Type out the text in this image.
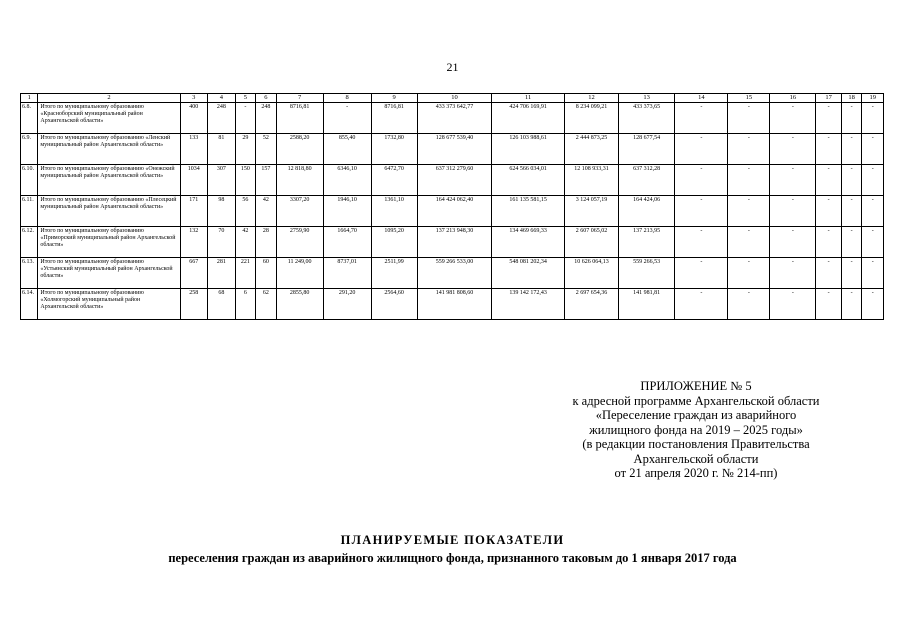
21
1	2	3	4	5	6	7	8	9	10	11	12	13	14	15	16	17	18	19
6.8.	Итого по муниципальному образованию «Красноборский муниципальный район Архангельской области»	400	248	-	248	8716,81	-	8716,81	433 373 642,77	424 706 169,91	8 234 099,21	433 373,65	-	-	-	-	-	-
6.9.	Итого по муниципальному образованию «Ленский муниципальный район Архангельской области»	133	81	29	52	2588,20	855,40	1732,80	128 677 539,40	126 103 988,61	2 444 873,25	128 677,54	-	-	-	-	-	-
6.10.	Итого по муниципальному образованию «Онежский муниципальный район Архангельской области»	1034	307	150	157	12 818,80	6346,10	6472,70	637 312 279,60	624 566 034,01	12 108 933,31	637 312,28	-	-	-	-	-	-
6.11.	Итого по муниципальному образованию «Плесецкий муниципальный район Архангельской области»	171	98	56	42	3307,20	1946,10	1361,10	164 424 062,40	161 135 581,15	3 124 057,19	164 424,06	-	-	-	-	-	-
6.12.	Итого по муниципальному образованию «Приморский муниципальный район Архангельской области»	132	70	42	28	2759,90	1664,70	1095,20	137 213 948,30	134 469 669,33	2 607 065,02	137 213,95	-	-	-	-	-	-
6.13.	Итого по муниципальному образованию «Устьянский муниципальный район Архангельской области»	667	281	221	60	11 249,00	8737,01	2511,99	559 266 533,00	548 081 202,34	10 626 064,13	559 266,53	-	-	-	-	-	-
6.14.	Итого по муниципальному образованию «Холмогорский муниципальный район Архангельской области»	258	68	6	62	2855,80	291,20	2564,60	141 981 808,60	139 142 172,43	2 697 654,36	141 981,81	-	-	-	-	-	-
ПРИЛОЖЕНИЕ № 5
к адресной программе Архангельской области
«Переселение граждан из аварийного
жилищного фонда на 2019 – 2025 годы»
(в редакции постановления Правительства
Архангельской области
от 21 апреля 2020 г. № 214-пп)
ПЛАНИРУЕМЫЕ ПОКАЗАТЕЛИ
переселения граждан из аварийного жилищного фонда, признанного таковым до 1 января 2017 года
